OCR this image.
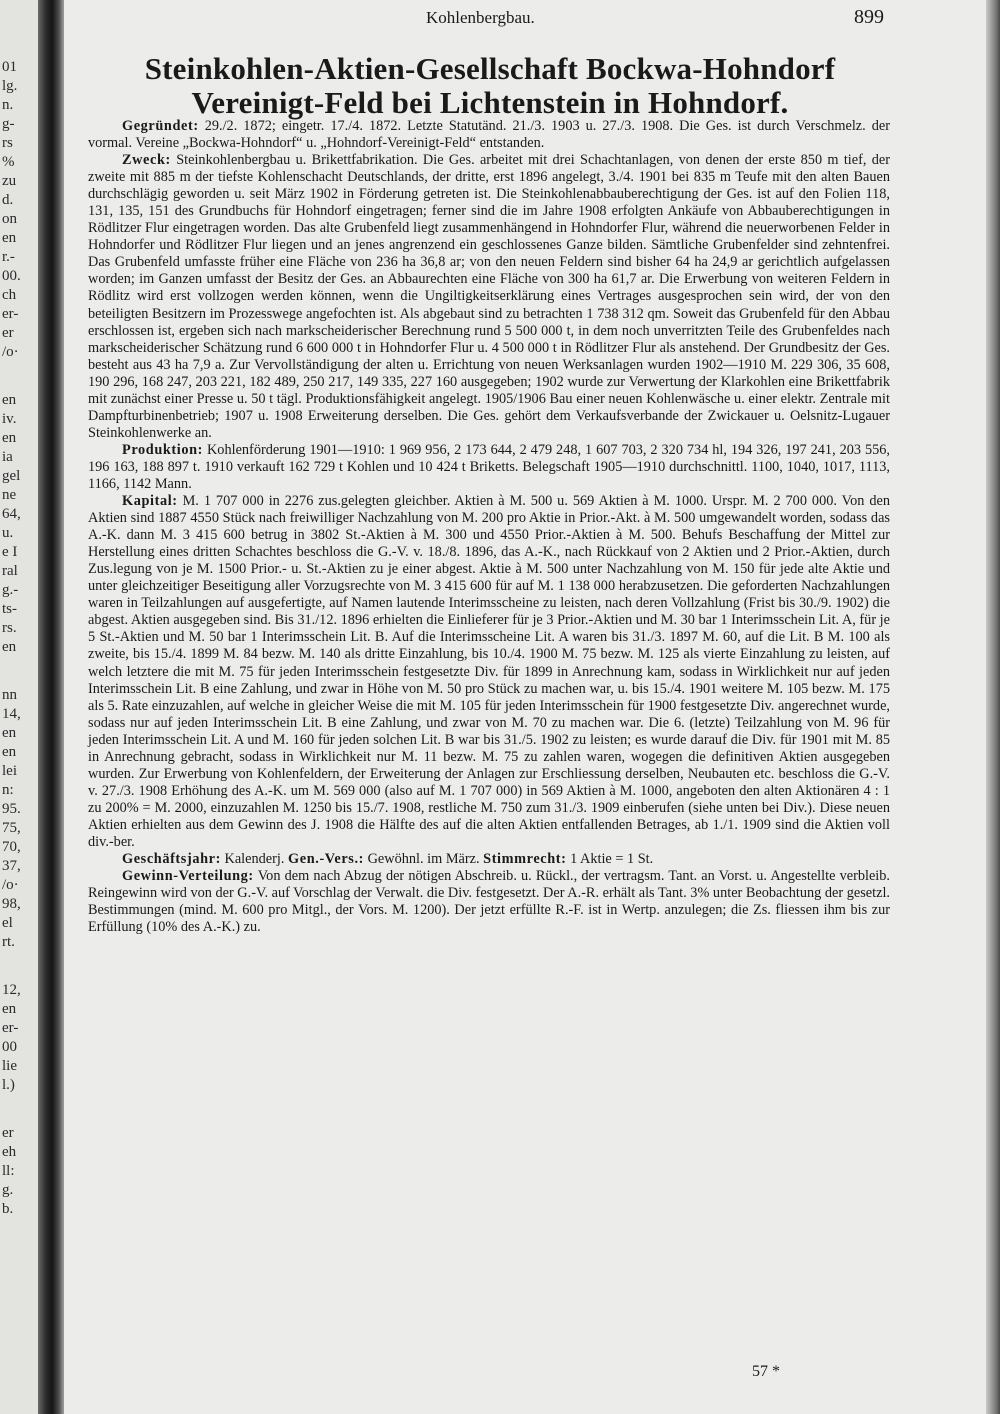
01
lg.
n.
g-
rs
%
zu
d.
on
en
r.-
00.
ch
er-
er
/o·
en
iv.
en
ia
gel
ne
64,
u.
e I
ral
g.-
ts-
rs.
en
nn
14,
en
en
lei
n:
95.
75,
70,
37,
/o·
98,
el
rt.
12,
en
er-
00
lie
l.)
er
eh
ll:
g.
b.
Kohlenbergbau.	899
Steinkohlen-Aktien-Gesellschaft Bockwa-Hohndorf
Vereinigt-Feld bei Lichtenstein in Hohndorf.

Gegründet: 29./2. 1872; eingetr. 17./4. 1872. Letzte Statutänd. 21./3. 1903 u. 27./3. 1908. Die Ges. ist durch Verschmelz. der vormal. Vereine „Bockwa-Hohndorf“ u. „Hohndorf-Vereinigt-Feld“ entstanden.

Zweck: Steinkohlenbergbau u. Brikettfabrikation. Die Ges. arbeitet mit drei Schachtanlagen, von denen der erste 850 m tief, der zweite mit 885 m der tiefste Kohlenschacht Deutschlands, der dritte, erst 1896 angelegt, 3./4. 1901 bei 835 m Teufe mit den alten Bauen durchschlägig geworden u. seit März 1902 in Förderung getreten ist. Die Steinkohlenabbauberechtigung der Ges. ist auf den Folien 118, 131, 135, 151 des Grundbuchs für Hohndorf eingetragen; ferner sind die im Jahre 1908 erfolgten Ankäufe von Abbauberechtigungen in Rödlitzer Flur eingetragen worden. Das alte Grubenfeld liegt zusammenhängend in Hohndorfer Flur, während die neuerworbenen Felder in Hohndorfer und Rödlitzer Flur liegen und an jenes angrenzend ein geschlossenes Ganze bilden. Sämtliche Grubenfelder sind zehntenfrei. Das Grubenfeld umfasste früher eine Fläche von 236 ha 36,8 ar; von den neuen Feldern sind bisher 64 ha 24,9 ar gerichtlich aufgelassen worden; im Ganzen umfasst der Besitz der Ges. an Abbaurechten eine Fläche von 300 ha 61,7 ar. Die Erwerbung von weiteren Feldern in Rödlitz wird erst vollzogen werden können, wenn die Ungiltigkeitserklärung eines Vertrages ausgesprochen sein wird, der von den beteiligten Besitzern im Prozesswege angefochten ist. Als abgebaut sind zu betrachten 1 738 312 qm. Soweit das Grubenfeld für den Abbau erschlossen ist, ergeben sich nach markscheiderischer Berechnung rund 5 500 000 t, in dem noch unverritzten Teile des Grubenfeldes nach markscheiderischer Schätzung rund 6 600 000 t in Hohndorfer Flur u. 4 500 000 t in Rödlitzer Flur als anstehend. Der Grundbesitz der Ges. besteht aus 43 ha 7,9 a. Zur Vervollständigung der alten u. Errichtung von neuen Werksanlagen wurden 1902—1910 M. 229 306, 35 608, 190 296, 168 247, 203 221, 182 489, 250 217, 149 335, 227 160 ausgegeben; 1902 wurde zur Verwertung der Klarkohlen eine Brikettfabrik mit zunächst einer Presse u. 50 t tägl. Produktionsfähigkeit angelegt. 1905/1906 Bau einer neuen Kohlenwäsche u. einer elektr. Zentrale mit Dampfturbinenbetrieb; 1907 u. 1908 Erweiterung derselben. Die Ges. gehört dem Verkaufsverbande der Zwickauer u. Oelsnitz-Lugauer Steinkohlenwerke an.

Produktion: Kohlenförderung 1901—1910: 1 969 956, 2 173 644, 2 479 248, 1 607 703, 2 320 734 hl, 194 326, 197 241, 203 556, 196 163, 188 897 t. 1910 verkauft 162 729 t Kohlen und 10 424 t Briketts. Belegschaft 1905—1910 durchschnittl. 1100, 1040, 1017, 1113, 1166, 1142 Mann.

Kapital: M. 1 707 000 in 2276 zus.gelegten gleichber. Aktien à M. 500 u. 569 Aktien à M. 1000. Urspr. M. 2 700 000. Von den Aktien sind 1887 4550 Stück nach freiwilliger Nachzahlung von M. 200 pro Aktie in Prior.-Akt. à M. 500 umgewandelt worden, sodass das A.-K. dann M. 3 415 600 betrug in 3802 St.-Aktien à M. 300 und 4550 Prior.-Aktien à M. 500. Behufs Beschaffung der Mittel zur Herstellung eines dritten Schachtes beschloss die G.-V. v. 18./8. 1896, das A.-K., nach Rückkauf von 2 Aktien und 2 Prior.-Aktien, durch Zus.legung von je M. 1500 Prior.- u. St.-Aktien zu je einer abgest. Aktie à M. 500 unter Nachzahlung von M. 150 für jede alte Aktie und unter gleichzeitiger Beseitigung aller Vorzugsrechte von M. 3 415 600 für auf M. 1 138 000 herabzusetzen. Die geforderten Nachzahlungen waren in Teilzahlungen auf ausgefertigte, auf Namen lautende Interimsscheine zu leisten, nach deren Vollzahlung (Frist bis 30./9. 1902) die abgest. Aktien ausgegeben sind. Bis 31./12. 1896 erhielten die Einlieferer für je 3 Prior.-Aktien und M. 30 bar 1 Interimsschein Lit. A, für je 5 St.-Aktien und M. 50 bar 1 Interimsschein Lit. B. Auf die Interimsscheine Lit. A waren bis 31./3. 1897 M. 60, auf die Lit. B M. 100 als zweite, bis 15./4. 1899 M. 84 bezw. M. 140 als dritte Einzahlung, bis 10./4. 1900 M. 75 bezw. M. 125 als vierte Einzahlung zu leisten, auf welch letztere die mit M. 75 für jeden Interimsschein festgesetzte Div. für 1899 in Anrechnung kam, sodass in Wirklichkeit nur auf jeden Interimsschein Lit. B eine Zahlung, und zwar in Höhe von M. 50 pro Stück zu machen war, u. bis 15./4. 1901 weitere M. 105 bezw. M. 175 als 5. Rate einzuzahlen, auf welche in gleicher Weise die mit M. 105 für jeden Interimsschein für 1900 festgesetzte Div. angerechnet wurde, sodass nur auf jeden Interimsschein Lit. B eine Zahlung, und zwar von M. 70 zu machen war. Die 6. (letzte) Teilzahlung von M. 96 für jeden Interimsschein Lit. A und M. 160 für jeden solchen Lit. B war bis 31./5. 1902 zu leisten; es wurde darauf die Div. für 1901 mit M. 85 in Anrechnung gebracht, sodass in Wirklichkeit nur M. 11 bezw. M. 75 zu zahlen waren, wogegen die definitiven Aktien ausgegeben wurden. Zur Erwerbung von Kohlenfeldern, der Erweiterung der Anlagen zur Erschliessung derselben, Neubauten etc. beschloss die G.-V. v. 27./3. 1908 Erhöhung des A.-K. um M. 569 000 (also auf M. 1 707 000) in 569 Aktien à M. 1000, angeboten den alten Aktionären 4 : 1 zu 200% = M. 2000, einzuzahlen M. 1250 bis 15./7. 1908, restliche M. 750 zum 31./3. 1909 einberufen (siehe unten bei Div.). Diese neuen Aktien erhielten aus dem Gewinn des J. 1908 die Hälfte des auf die alten Aktien entfallenden Betrages, ab 1./1. 1909 sind die Aktien voll div.-ber.

Geschäftsjahr: Kalenderj. Gen.-Vers.: Gewöhnl. im März. Stimmrecht: 1 Aktie = 1 St.

Gewinn-Verteilung: Von dem nach Abzug der nötigen Abschreib. u. Rückl., der vertragsm. Tant. an Vorst. u. Angestellte verbleib. Reingewinn wird von der G.-V. auf Vorschlag der Verwalt. die Div. festgesetzt. Der A.-R. erhält als Tant. 3% unter Beobachtung der gesetzl. Bestimmungen (mind. M. 600 pro Mitgl., der Vors. M. 1200). Der jetzt erfüllte R.-F. ist in Wertp. anzulegen; die Zs. fliessen ihm bis zur Erfüllung (10% des A.-K.) zu.

57 *
